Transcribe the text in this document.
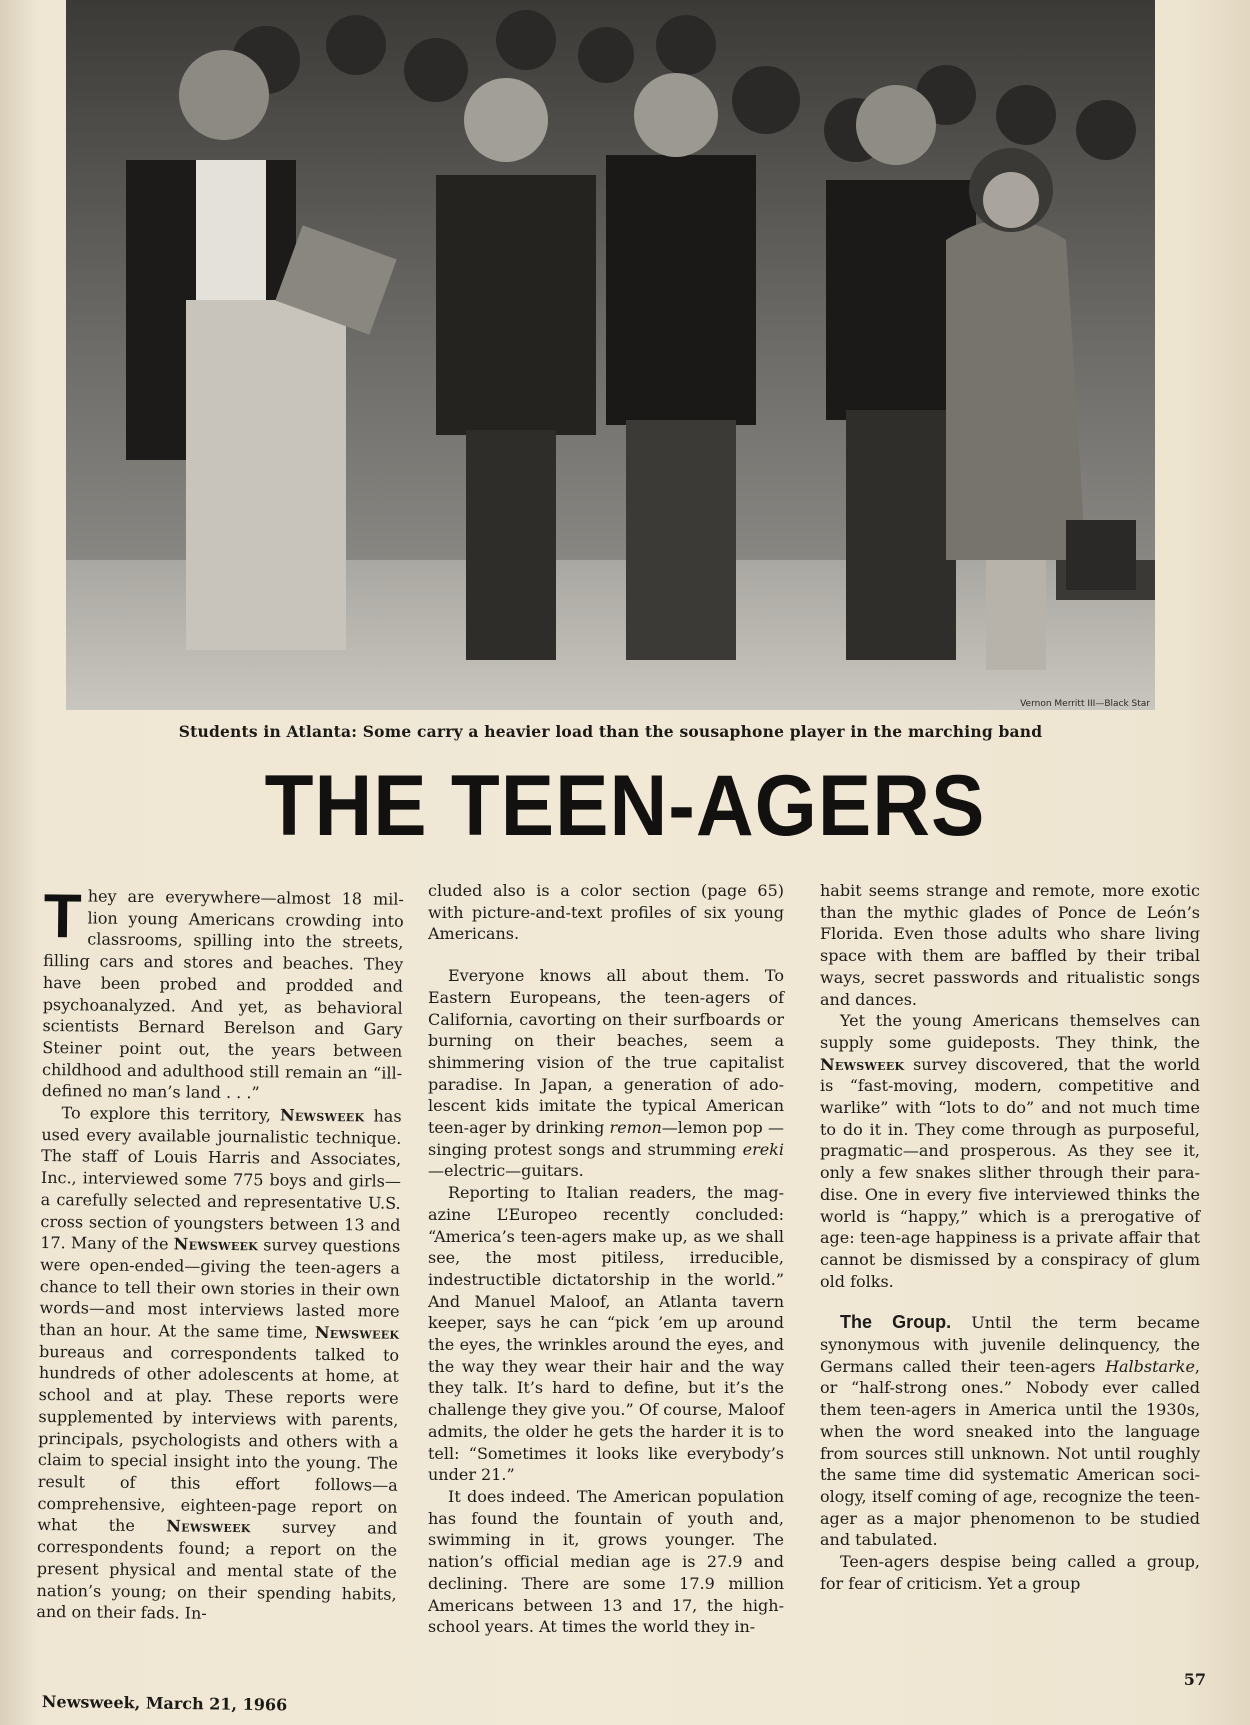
Vernon Merritt III—Black Star
Students in Atlanta: Some carry a heavier load than the sousaphone player in the marching band
THE TEEN-AGERS

They are everywhere—almost 18 million young Americans crowding into classrooms, spilling into the streets, filling cars and stores and beaches. They have been probed and prodded and psychoanalyzed. And yet, as behavioral scientists Bernard Berelson and Gary Steiner point out, the years between childhood and adulthood still remain an “ill-defined no man’s land . . .”

To explore this territory, Newsweek has used every available journalistic technique. The staff of Louis Harris and Associates, Inc., interviewed some 775 boys and girls—a carefully selected and representative U.S. cross section of youngsters between 13 and 17. Many of the Newsweek survey questions were open-ended—giving the teen-agers a chance to tell their own stories in their own words—and most interviews lasted more than an hour. At the same time, Newsweek bureaus and correspondents talked to hundreds of other adolescents at home, at school and at play. These reports were supplemented by interviews with parents, principals, psychologists and others with a claim to special insight into the young. The result of this effort follows—a comprehensive, eighteen-page report on what the Newsweek survey and correspondents found; a report on the present physical and mental state of the nation’s young; on their spending habits, and on their fads. In-

cluded also is a color section (page 65) with picture-and-text profiles of six young Americans.

Everyone knows all about them. To Eastern Europeans, the teen-agers of California, cavorting on their surfboards or burning on their beaches, seem a shimmering vision of the true capitalist paradise. In Japan, a generation of adolescent kids imitate the typical American teen-ager by drinking remon—lemon pop —singing protest songs and strumming ereki—electric—guitars.

Reporting to Italian readers, the magazine L’Europeo recently concluded: “America’s teen-agers make up, as we shall see, the most pitiless, irreducible, indestructible dictatorship in the world.” And Manuel Maloof, an Atlanta tavern keeper, says he can “pick ’em up around the eyes, the wrinkles around the eyes, and the way they wear their hair and the way they talk. It’s hard to define, but it’s the challenge they give you.” Of course, Maloof admits, the older he gets the harder it is to tell: “Sometimes it looks like everybody’s under 21.”

It does indeed. The American population has found the fountain of youth and, swimming in it, grows younger. The nation’s official median age is 27.9 and declining. There are some 17.9 million Americans between 13 and 17, the high-school years. At times the world they in-

habit seems strange and remote, more exotic than the mythic glades of Ponce de León’s Florida. Even those adults who share living space with them are baffled by their tribal ways, secret passwords and ritualistic songs and dances.

Yet the young Americans themselves can supply some guideposts. They think, the Newsweek survey discovered, that the world is “fast-moving, modern, competitive and warlike” with “lots to do” and not much time to do it in. They come through as purposeful, pragmatic—and prosperous. As they see it, only a few snakes slither through their paradise. One in every five interviewed thinks the world is “happy,” which is a prerogative of age: teen-age happiness is a private affair that cannot be dismissed by a conspiracy of glum old folks.

The Group. Until the term became synonymous with juvenile delinquency, the Germans called their teen-agers Halbstarke, or “half-strong ones.” Nobody ever called them teen-agers in America until the 1930s, when the word sneaked into the language from sources still unknown. Not until roughly the same time did systematic American sociology, itself coming of age, recognize the teen-ager as a major phenomenon to be studied and tabulated.

Teen-agers despise being called a group, for fear of criticism. Yet a group

Newsweek, March 21, 1966
57
